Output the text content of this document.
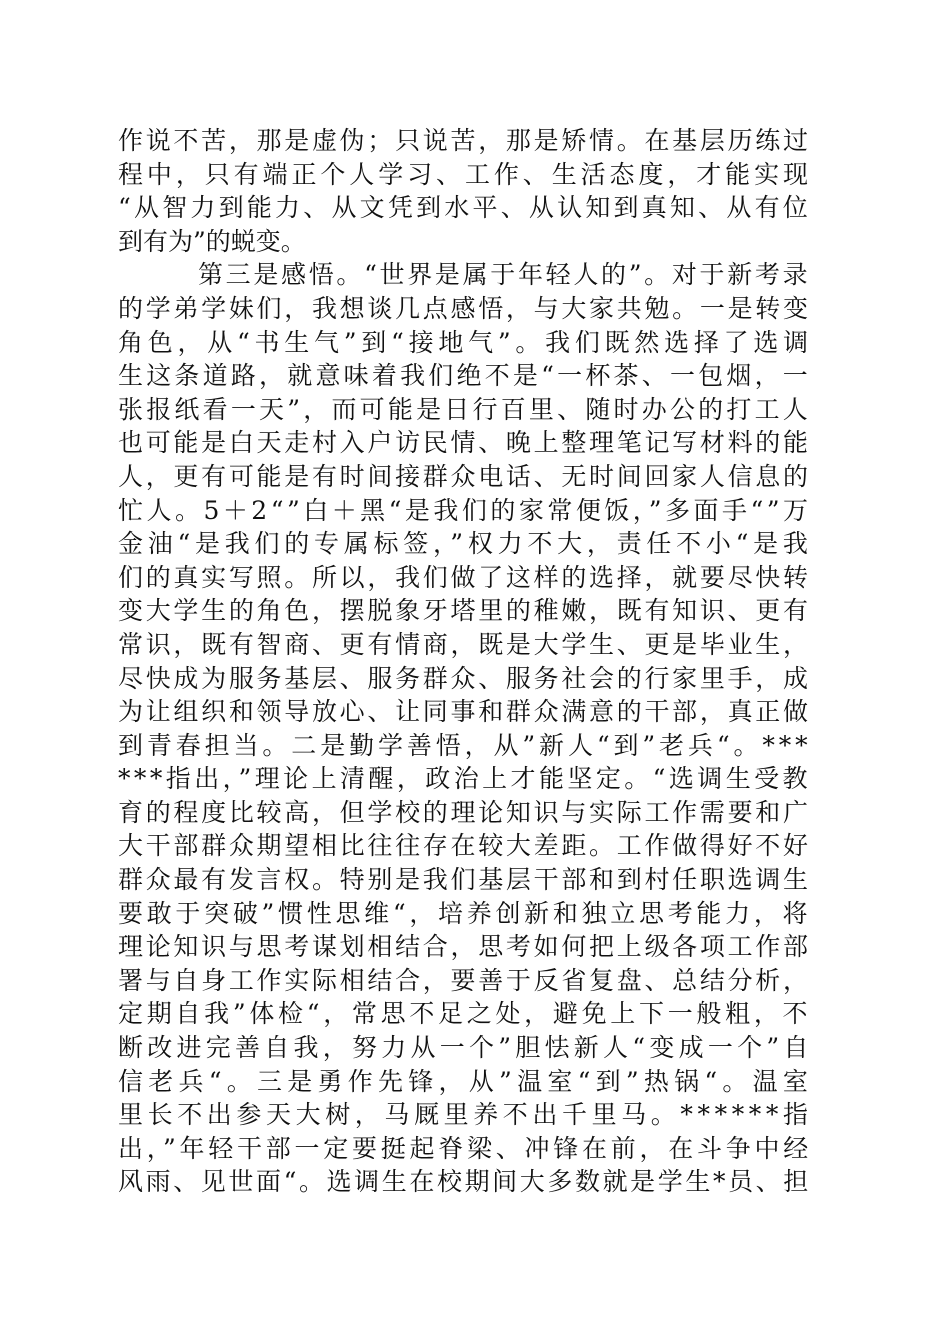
作说不苦，那是虚伪；只说苦，那是矫情。在基层历练过
程中，只有端正个人学习、工作、生活态度，才能实现
“从智力到能力、从文凭到水平、从认知到真知、从有位
到有为”的蜕变。
第三是感悟。“世界是属于年轻人的”。对于新考录
的学弟学妹们，我想谈几点感悟，与大家共勉。一是转变
角色，从“书生气”到“接地气”。我们既然选择了选调
生这条道路，就意味着我们绝不是“一杯茶、一包烟，一
张报纸看一天”，而可能是日行百里、随时办公的打工人
也可能是白天走村入户访民情、晚上整理笔记写材料的能
人，更有可能是有时间接群众电话、无时间回家人信息的
忙人。5＋2“”白＋黑“是我们的家常便饭，”多面手“”万
金油“是我们的专属标签，”权力不大，责任不小“是我
们的真实写照。所以，我们做了这样的选择，就要尽快转
变大学生的角色，摆脱象牙塔里的稚嫩，既有知识、更有
常识，既有智商、更有情商，既是大学生、更是毕业生，
尽快成为服务基层、服务群众、服务社会的行家里手，成
为让组织和领导放心、让同事和群众满意的干部，真正做
到青春担当。二是勤学善悟，从”新人“到”老兵“。***
***指出，”理论上清醒，政治上才能坚定。“选调生受教
育的程度比较高，但学校的理论知识与实际工作需要和广
大干部群众期望相比往往存在较大差距。工作做得好不好
群众最有发言权。特别是我们基层干部和到村任职选调生
要敢于突破”惯性思维“，培养创新和独立思考能力，将
理论知识与思考谋划相结合，思考如何把上级各项工作部
署与自身工作实际相结合，要善于反省复盘、总结分析，
定期自我”体检“，常思不足之处，避免上下一般粗，不
断改进完善自我，努力从一个”胆怯新人“变成一个”自
信老兵“。三是勇作先锋，从”温室“到”热锅“。温室
里长不出参天大树，马厩里养不出千里马。******指
出，”年轻干部一定要挺起脊梁、冲锋在前，在斗争中经
风雨、见世面“。选调生在校期间大多数就是学生*员、担
